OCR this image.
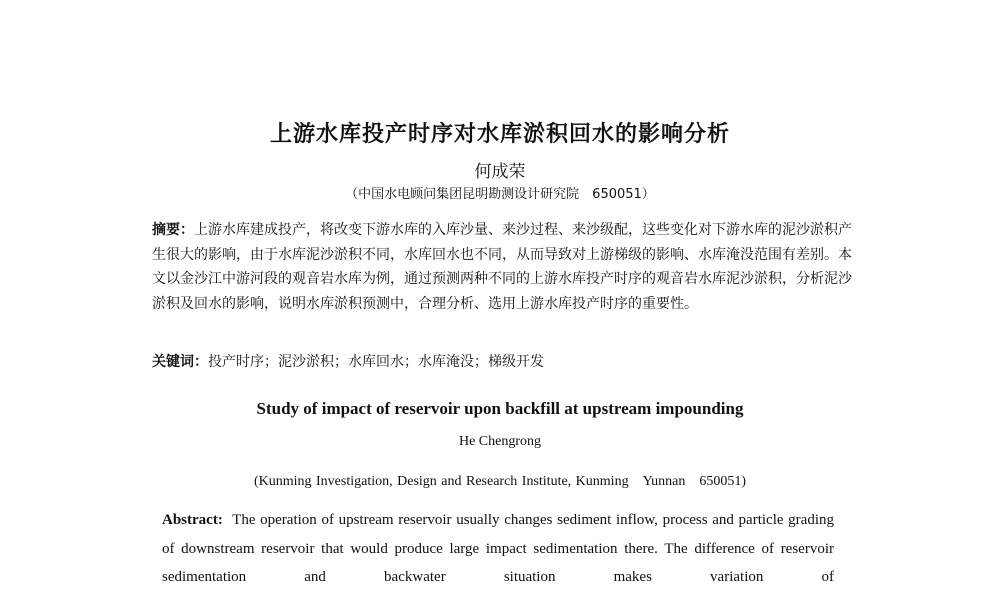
上游水库投产时序对水库淤积回水的影响分析
何成荣
（中国水电顾问集团昆明勘测设计研究院　650051）

摘要：上游水库建成投产，将改变下游水库的入库沙量、来沙过程、来沙级配，这些变化对下游水库的泥沙淤积产生很大的影响，由于水库泥沙淤积不同，水库回水也不同，从而导致对上游梯级的影响、水库淹没范围有差别。本文以金沙江中游河段的观音岩水库为例，通过预测两种不同的上游水库投产时序的观音岩水库泥沙淤积，分析泥沙淤积及回水的影响，说明水库淤积预测中，合理分析、选用上游水库投产时序的重要性。

关键词：投产时序；泥沙淤积；水库回水；水库淹没；梯级开发

Study of impact of reservoir upon backfill at upstream impounding
He Chengrong
(Kunming Investigation, Design and Research Institute, Kunming　Yunnan　650051)

Abstract: The operation of upstream reservoir usually changes sediment inflow, process and particle grading of downstream reservoir that would produce large impact sedimentation there. The difference of reservoir sedimentation and backwater situation makes variation of
